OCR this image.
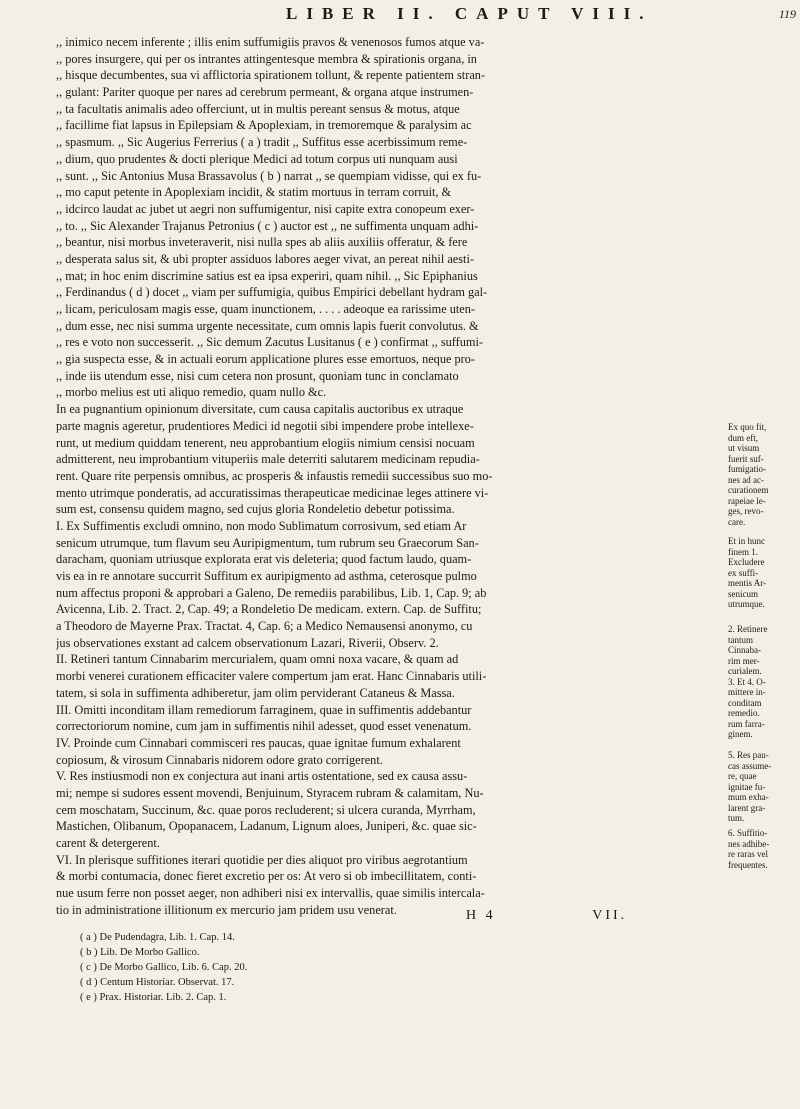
LIBER II. CAPUT VIII.	119
,, inimico necem inferente ; illis enim suffumigiis pravos & venenosos fumos atque va-
,, pores insurgere, qui per os intrantes attingentesque membra & spirationis organa, in
,, hisque decumbentes, sua vi afflictoria spirationem tollunt, & repente patientem stran-
,, gulant: Pariter quoque per nares ad cerebrum permeant, & organa atque instrumen-
,, ta facultatis animalis adeo offerciunt, ut in multis pereant sensus & motus, atque
,, facillime fiat lapsus in Epilepsiam & Apoplexiam, in tremoremque & paralysim ac
,, spasmum. ,, Sic Augerius Ferrerius ( a ) tradit ,, Suffitus esse acerbissimum reme-
,, dium, quo prudentes & docti plerique Medici ad totum corpus uti nunquam ausi
,, sunt. ,, Sic Antonius Musa Brassavolus ( b ) narrat ,, se quempiam vidisse, qui ex fu-
,, mo caput petente in Apoplexiam incidit, & statim mortuus in terram corruit, &
,, idcirco laudat ac jubet ut aegri non suffumigentur, nisi capite extra conopeum exer-
,, to. ,, Sic Alexander Trajanus Petronius ( c ) auctor est ,, ne suffimenta unquam adhi-
,, beantur, nisi morbus inveteraverit, nisi nulla spes ab aliis auxiliis offeratur, & fere
,, desperata salus sit, & ubi propter assiduos labores aeger vivat, an pereat nihil aesti-
,, mat; in hoc enim discrimine satius est ea ipsa experiri, quam nihil. ,, Sic Epiphanius
,, Ferdinandus ( d ) docet ,, viam per suffumigia, quibus Empirici debellant hydram gal-
,, licam, periculosam magis esse, quam inunctionem, . . . . adeoque ea rarissime uten-
,, dum esse, nec nisi summa urgente necessitate, cum omnis lapis fuerit convolutus. &
,, res e voto non successerit. ,, Sic demum Zacutus Lusitanus ( e ) confirmat ,, suffumi-
,, gia suspecta esse, & in actuali eorum applicatione plures esse emortuos, neque pro-
,, inde iis utendum esse, nisi cum cetera non prosunt, quoniam tunc in conclamato
,, morbo melius est uti aliquo remedio, quam nullo &c.
In ea pugnantium opinionum diversitate, cum causa capitalis auctoribus ex utraque
parte magnis ageretur, prudentiores Medici id negotii sibi impendere probe intellexe-
runt, ut medium quiddam tenerent, neu approbantium elogiis nimium censisi nocuam
admitterent, neu improbantium vituperiis male deterriti salutarem medicinam repudia-
rent. Quare rite perpensis omnibus, ac prosperis & infaustis remedii successibus suo mo-
mento utrimque ponderatis, ad accuratissimas therapeuticae medicinae leges attinere vi-
sum est, consensu quidem magno, sed cujus gloria Rondeletio debetur potissima.
I. Ex Suffimentis excludi omnino, non modo Sublimatum corrosivum, sed etiam Ar
senicum utrumque, tum flavum seu Auripigmentum, tum rubrum seu Graecorum San-
daracham, quoniam utriusque explorata erat vis deleteria; quod factum laudo, quam-
vis ea in re annotare succurrit Suffitum ex auripigmento ad asthma, ceterosque pulmo
num affectus proponi & approbari a Galeno, De remediis parabilibus, Lib. 1, Cap. 9; ab
Avicenna, Lib. 2. Tract. 2, Cap. 49; a Rondeletio De medicam. extern. Cap. de Suffitu;
a Theodoro de Mayerne Prax. Tractat. 4, Cap. 6; a Medico Nemausensi anonymo, cu
jus observationes exstant ad calcem observationum Lazari, Riverii, Observ. 2.
II. Retineri tantum Cinnabarim mercurialem, quam omni noxa vacare, & quam ad
morbi venerei curationem efficaciter valere compertum jam erat. Hanc Cinnabaris utili-
tatem, si sola in suffimenta adhiberetur, jam olim perviderant Cataneus & Massa.
III. Omitti inconditam illam remediorum farraginem, quae in suffimentis addebantur
correctoriorum nomine, cum jam in suffimentis nihil adesset, quod esset venenatum.
IV. Proinde cum Cinnabari commisceri res paucas, quae ignitae fumum exhalarent
copiosum, & virosum Cinnabaris nidorem odore grato corrigerent.
V. Res instiusmodi non ex conjectura aut inani artis ostentatione, sed ex causa assu-
mi; nempe si sudores essent movendi, Benjuinum, Styracem rubram & calamitam, Nu-
cem moschatam, Succinum, &c. quae poros recluderent; si ulcera curanda, Myrrham,
Mastichen, Olibanum, Opopanacem, Ladanum, Lignum aloes, Juniperi, &c. quae sic-
carent & detergerent.
VI. In plerisque suffitiones iterari quotidie per dies aliquot pro viribus aegrotantium
& morbi contumacia, donec fieret excretio per os: At vero si ob imbecillitatem, conti-
nue usum ferre non posset aeger, non adhiberi nisi ex intervallis, quae similis intercala-
tio in administratione illitionum ex mercurio jam pridem usu venerat.
Ex quo fit,
dum eft,
ut visum
fuerit suf-
fumigatio-
nes ad ac-
curationem
rapeiae le-
ges, revo-
care.
Et in hunc
finem 1.
Excludere
ex suffi-
mentis Ar-
senicum
utrumque.
2. Retinere
tantum
Cinnaba-
rim mer-
curialem.
3. Et 4. O-
mittere in-
conditam
remedio.
rum farra-
ginem.
5. Res pau-
cas assume-
re, quae
ignitae fu-
mum exha-
larent gra-
tum.
6. Suffitio-
nes adhibe-
re raras vel
frequentes.
H 4	VII.
( a ) De Pudendagra, Lib. 1. Cap. 14.
( b ) Lib. De Morbo Gallico.
( c ) De Morbo Gallico, Lib. 6. Cap. 20.
( d ) Centum Historiar. Observat. 17.
( e ) Prax. Historiar. Lib. 2. Cap. 1.
